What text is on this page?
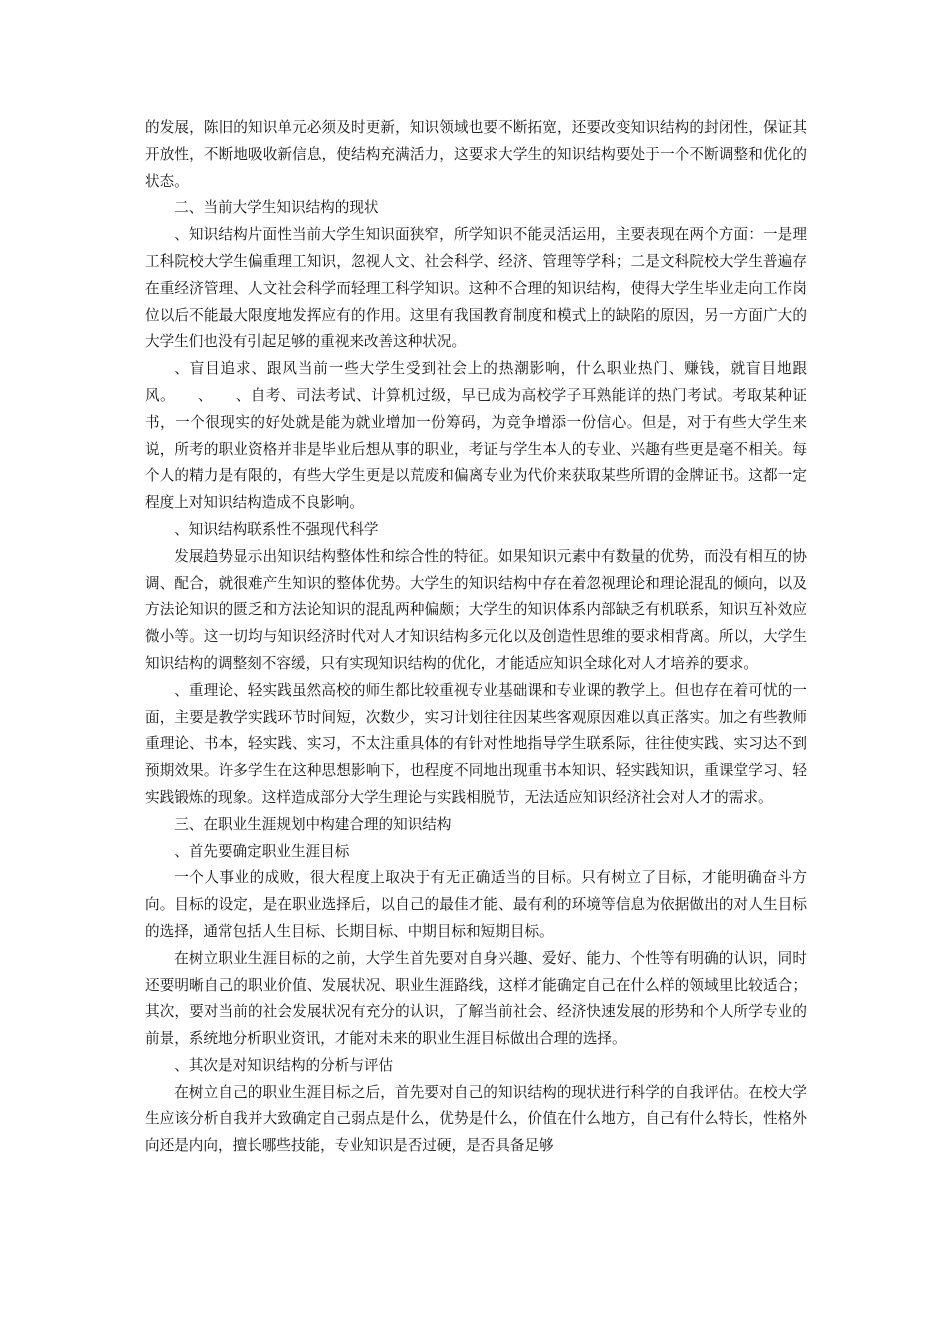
的发展，陈旧的知识单元必须及时更新，知识领域也要不断拓宽，还要改变知识结构的封闭性，保证其开放性，不断地吸收新信息，使结构充满活力，这要求大学生的知识结构要处于一个不断调整和优化的状态。

二、当前大学生知识结构的现状

、知识结构片面性当前大学生知识面狭窄，所学知识不能灵活运用，主要表现在两个方面：一是理工科院校大学生偏重理工知识，忽视人文、社会科学、经济、管理等学科；二是文科院校大学生普遍存在重经济管理、人文社会科学而轻理工科学知识。这种不合理的知识结构，使得大学生毕业走向工作岗位以后不能最大限度地发挥应有的作用。这里有我国教育制度和模式上的缺陷的原因，另一方面广大的大学生们也没有引起足够的重视来改善这种状况。

、盲目追求、跟风当前一些大学生受到社会上的热潮影响，什么职业热门、赚钱，就盲目地跟风。　　、　　、自考、司法考试、计算机过级，早已成为高校学子耳熟能详的热门考试。考取某种证书，一个很现实的好处就是能为就业增加一份筹码，为竞争增添一份信心。但是，对于有些大学生来说，所考的职业资格并非是毕业后想从事的职业，考证与学生本人的专业、兴趣有些更是毫不相关。每个人的精力是有限的，有些大学生更是以荒废和偏离专业为代价来获取某些所谓的金牌证书。这都一定程度上对知识结构造成不良影响。

、知识结构联系性不强现代科学

发展趋势显示出知识结构整体性和综合性的特征。如果知识元素中有数量的优势，而没有相互的协调、配合，就很难产生知识的整体优势。大学生的知识结构中存在着忽视理论和理论混乱的倾向，以及方法论知识的匮乏和方法论知识的混乱两种偏颇；大学生的知识体系内部缺乏有机联系，知识互补效应微小等。这一切均与知识经济时代对人才知识结构多元化以及创造性思维的要求相背离。所以，大学生知识结构的调整刻不容缓，只有实现知识结构的优化，才能适应知识全球化对人才培养的要求。

、重理论、轻实践虽然高校的师生都比较重视专业基础课和专业课的教学上。但也存在着可忧的一面，主要是教学实践环节时间短，次数少，实习计划往往因某些客观原因难以真正落实。加之有些教师重理论、书本，轻实践、实习，不太注重具体的有针对性地指导学生联系际，往往使实践、实习达不到预期效果。许多学生在这种思想影响下，也程度不同地出现重书本知识、轻实践知识，重课堂学习、轻实践锻炼的现象。这样造成部分大学生理论与实践相脱节，无法适应知识经济社会对人才的需求。

三、在职业生涯规划中构建合理的知识结构

、首先要确定职业生涯目标

一个人事业的成败，很大程度上取决于有无正确适当的目标。只有树立了目标，才能明确奋斗方向。目标的设定，是在职业选择后，以自己的最佳才能、最有利的环境等信息为依据做出的对人生目标的选择，通常包括人生目标、长期目标、中期目标和短期目标。

在树立职业生涯目标的之前，大学生首先要对自身兴趣、爱好、能力、个性等有明确的认识，同时还要明晰自己的职业价值、发展状况、职业生涯路线，这样才能确定自己在什么样的领域里比较适合；其次，要对当前的社会发展状况有充分的认识，了解当前社会、经济快速发展的形势和个人所学专业的前景，系统地分析职业资讯，才能对未来的职业生涯目标做出合理的选择。

、其次是对知识结构的分析与评估

在树立自己的职业生涯目标之后，首先要对自己的知识结构的现状进行科学的自我评估。在校大学生应该分析自我并大致确定自己弱点是什么，优势是什么，价值在什么地方，自己有什么特长，性格外向还是内向，擅长哪些技能，专业知识是否过硬，是否具备足够
